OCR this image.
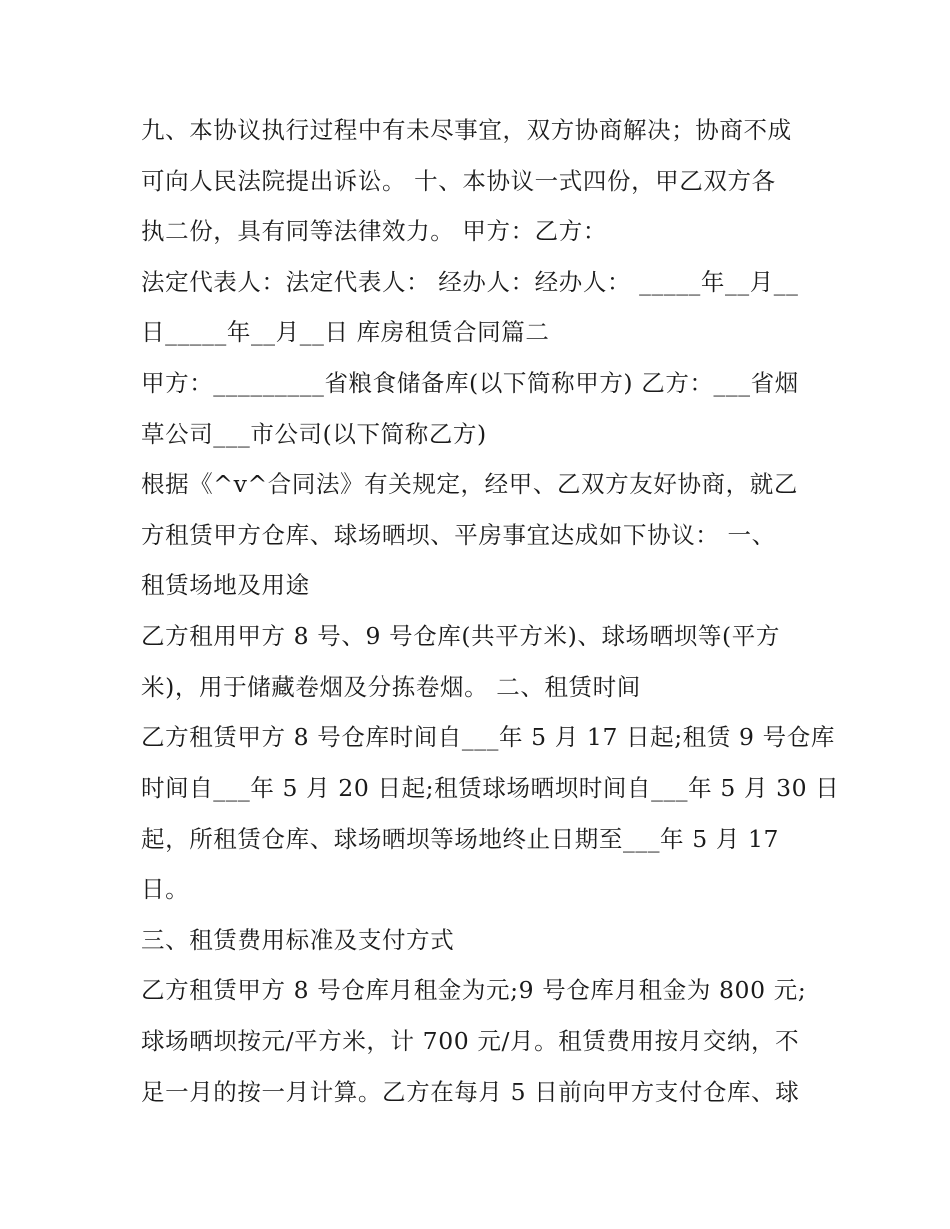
九、本协议执行过程中有未尽事宜，双方协商解决；协商不成
可向人民法院提出诉讼。 十、本协议一式四份，甲乙双方各
执二份，具有同等法律效力。 甲方：乙方：
法定代表人：法定代表人： 经办人：经办人： _____年__月__
日_____年__月__日 库房租赁合同篇二
甲方：_________省粮食储备库(以下简称甲方) 乙方：___省烟
草公司___市公司(以下简称乙方)
根据《^v^合同法》有关规定，经甲、乙双方友好协商，就乙
方租赁甲方仓库、球场晒坝、平房事宜达成如下协议： 一、
租赁场地及用途
乙方租用甲方 8 号、9 号仓库(共平方米)、球场晒坝等(平方
米)，用于储藏卷烟及分拣卷烟。 二、租赁时间
乙方租赁甲方 8 号仓库时间自___年 5 月 17 日起;租赁 9 号仓库
时间自___年 5 月 20 日起;租赁球场晒坝时间自___年 5 月 30 日
起，所租赁仓库、球场晒坝等场地终止日期至___年 5 月 17
日。
三、租赁费用标准及支付方式
乙方租赁甲方 8 号仓库月租金为元;9 号仓库月租金为 800 元;
球场晒坝按元/平方米，计 700 元/月。租赁费用按月交纳，不
足一月的按一月计算。乙方在每月 5 日前向甲方支付仓库、球
